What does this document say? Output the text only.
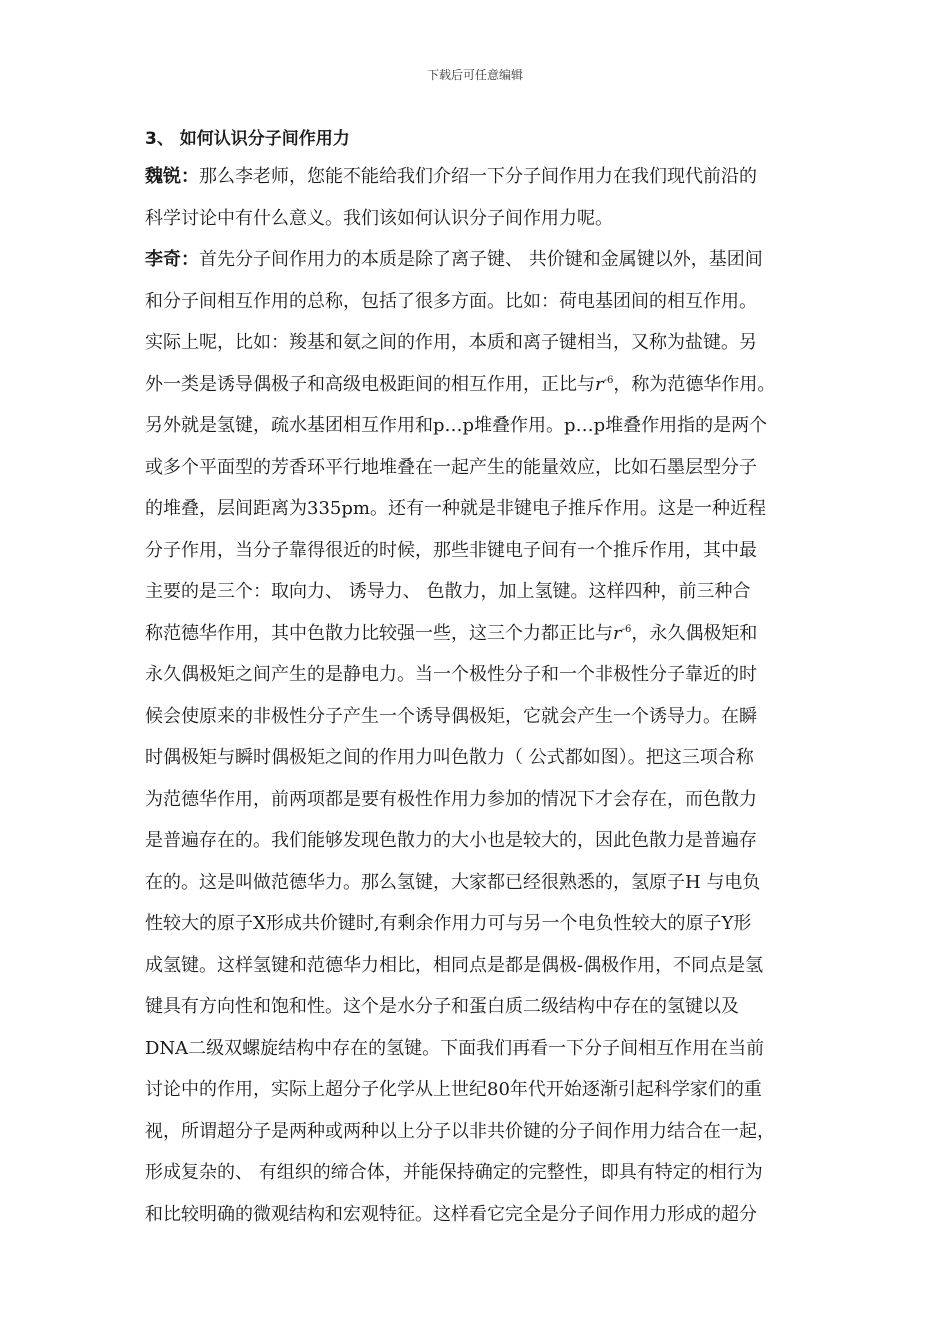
下载后可任意编辑
3、 如何认识分子间作用力
魏锐：那么李老师，您能不能给我们介绍一下分子间作用力在我们现代前沿的
科学讨论中有什么意义。我们该如何认识分子间作用力呢。
李奇：首先分子间作用力的本质是除了离子键、 共价键和金属键以外，基团间
和分子间相互作用的总称，包括了很多方面。比如：荷电基团间的相互作用。
实际上呢，比如：羧基和氨之间的作用，本质和离子键相当，又称为盐键。另
外一类是诱导偶极子和高级电极距间的相互作用，正比与$r^{-6}$，称为范德华作用。
另外就是氢键，疏水基团相互作用和p…p堆叠作用。p…p堆叠作用指的是两个
或多个平面型的芳香环平行地堆叠在一起产生的能量效应，比如石墨层型分子
的堆叠，层间距离为335pm。还有一种就是非键电子推斥作用。这是一种近程
分子作用，当分子靠得很近的时候，那些非键电子间有一个推斥作用，其中最
主要的是三个：取向力、 诱导力、 色散力，加上氢键。这样四种，前三种合
称范德华作用，其中色散力比较强一些，这三个力都正比与$r^{-6}$，永久偶极矩和
永久偶极矩之间产生的是静电力。当一个极性分子和一个非极性分子靠近的时
候会使原来的非极性分子产生一个诱导偶极矩，它就会产生一个诱导力。在瞬
时偶极矩与瞬时偶极矩之间的作用力叫色散力（ 公式都如图）。把这三项合称
为范德华作用，前两项都是要有极性作用力参加的情况下才会存在，而色散力
是普遍存在的。我们能够发现色散力的大小也是较大的，因此色散力是普遍存
在的。这是叫做范德华力。那么氢键，大家都已经很熟悉的，氢原子H 与电负
性较大的原子X形成共价键时,有剩余作用力可与另一个电负性较大的原子Y形
成氢键。这样氢键和范德华力相比，相同点是都是偶极-偶极作用，不同点是氢
键具有方向性和饱和性。这个是水分子和蛋白质二级结构中存在的氢键以及
DNA二级双螺旋结构中存在的氢键。下面我们再看一下分子间相互作用在当前
讨论中的作用，实际上超分子化学从上世纪80年代开始逐渐引起科学家们的重
视，所谓超分子是两种或两种以上分子以非共价键的分子间作用力结合在一起，
形成复杂的、 有组织的缔合体，并能保持确定的完整性，即具有特定的相行为
和比较明确的微观结构和宏观特征。这样看它完全是分子间作用力形成的超分
